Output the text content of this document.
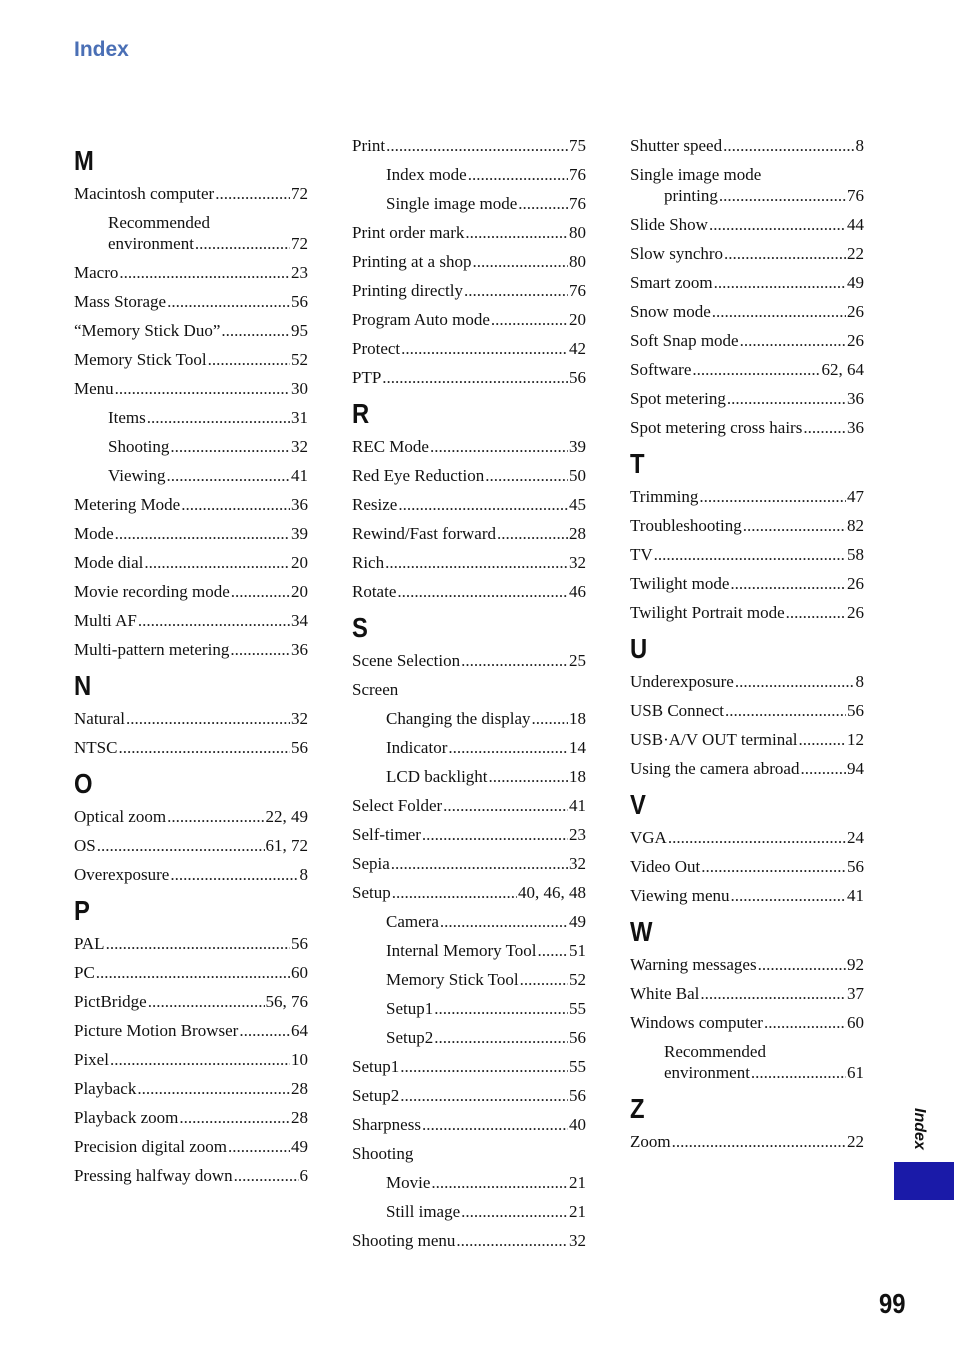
Index
M
Macintosh computer .....	72
Recommended
environment .....	72
Macro .....	23
Mass Storage .....	56
“Memory Stick Duo” .....	95
Memory Stick Tool .....	52
Menu .....	30
Items .....	31
Shooting .....	32
Viewing .....	41
Metering Mode .....	36
Mode .....	39
Mode dial .....	20
Movie recording mode .....	20
Multi AF .....	34
Multi-pattern metering .....	36
N
Natural .....	32
NTSC .....	56
O
Optical zoom .....	22, 49
OS .....	61, 72
Overexposure .....	8
P
PAL .....	56
PC .....	60
PictBridge .....	56, 76
Picture Motion Browser .....	64
Pixel .....	10
Playback .....	28
Playback zoom .....	28
Precision digital zoom .....	49
Pressing halfway down .....	6
Print .....	75
Index mode .....	76
Single image mode .....	76
Print order mark .....	80
Printing at a shop .....	80
Printing directly .....	76
Program Auto mode .....	20
Protect .....	42
PTP .....	56
R
REC Mode .....	39
Red Eye Reduction .....	50
Resize .....	45
Rewind/Fast forward .....	28
Rich .....	32
Rotate .....	46
S
Scene Selection .....	25
Screen
Changing the display ..... 18
Indicator .....	14
LCD backlight .....	18
Select Folder .....	41
Self-timer .....	23
Sepia .....	32
Setup .....	40, 46, 48
Camera .....	49
Internal Memory Tool ..... 51
Memory Stick Tool .....	52
Setup1 .....	55
Setup2 .....	56
Setup1 .....	55
Setup2 .....	56
Sharpness .....	40
Shooting
Movie .....	21
Still image .....	21
Shooting menu .....	32
Shutter speed .....	8
Single image mode
printing .....	76
Slide Show .....	44
Slow synchro .....	22
Smart zoom .....	49
Snow mode .....	26
Soft Snap mode .....	26
Software .....	62, 64
Spot metering .....	36
Spot metering cross hairs .....	36
T
Trimming .....	47
Troubleshooting .....	82
TV .....	58
Twilight mode .....	26
Twilight Portrait mode .....	26
U
Underexposure .....	8
USB Connect .....	56
USB·A/V OUT terminal .....	12
Using the camera abroad .....	94
V
VGA .....	24
Video Out .....	56
Viewing menu .....	41
W
Warning messages .....	92
White Bal .....	37
Windows computer .....	60
Recommended
environment .....	61
Z
Zoom .....	22	Index
99
